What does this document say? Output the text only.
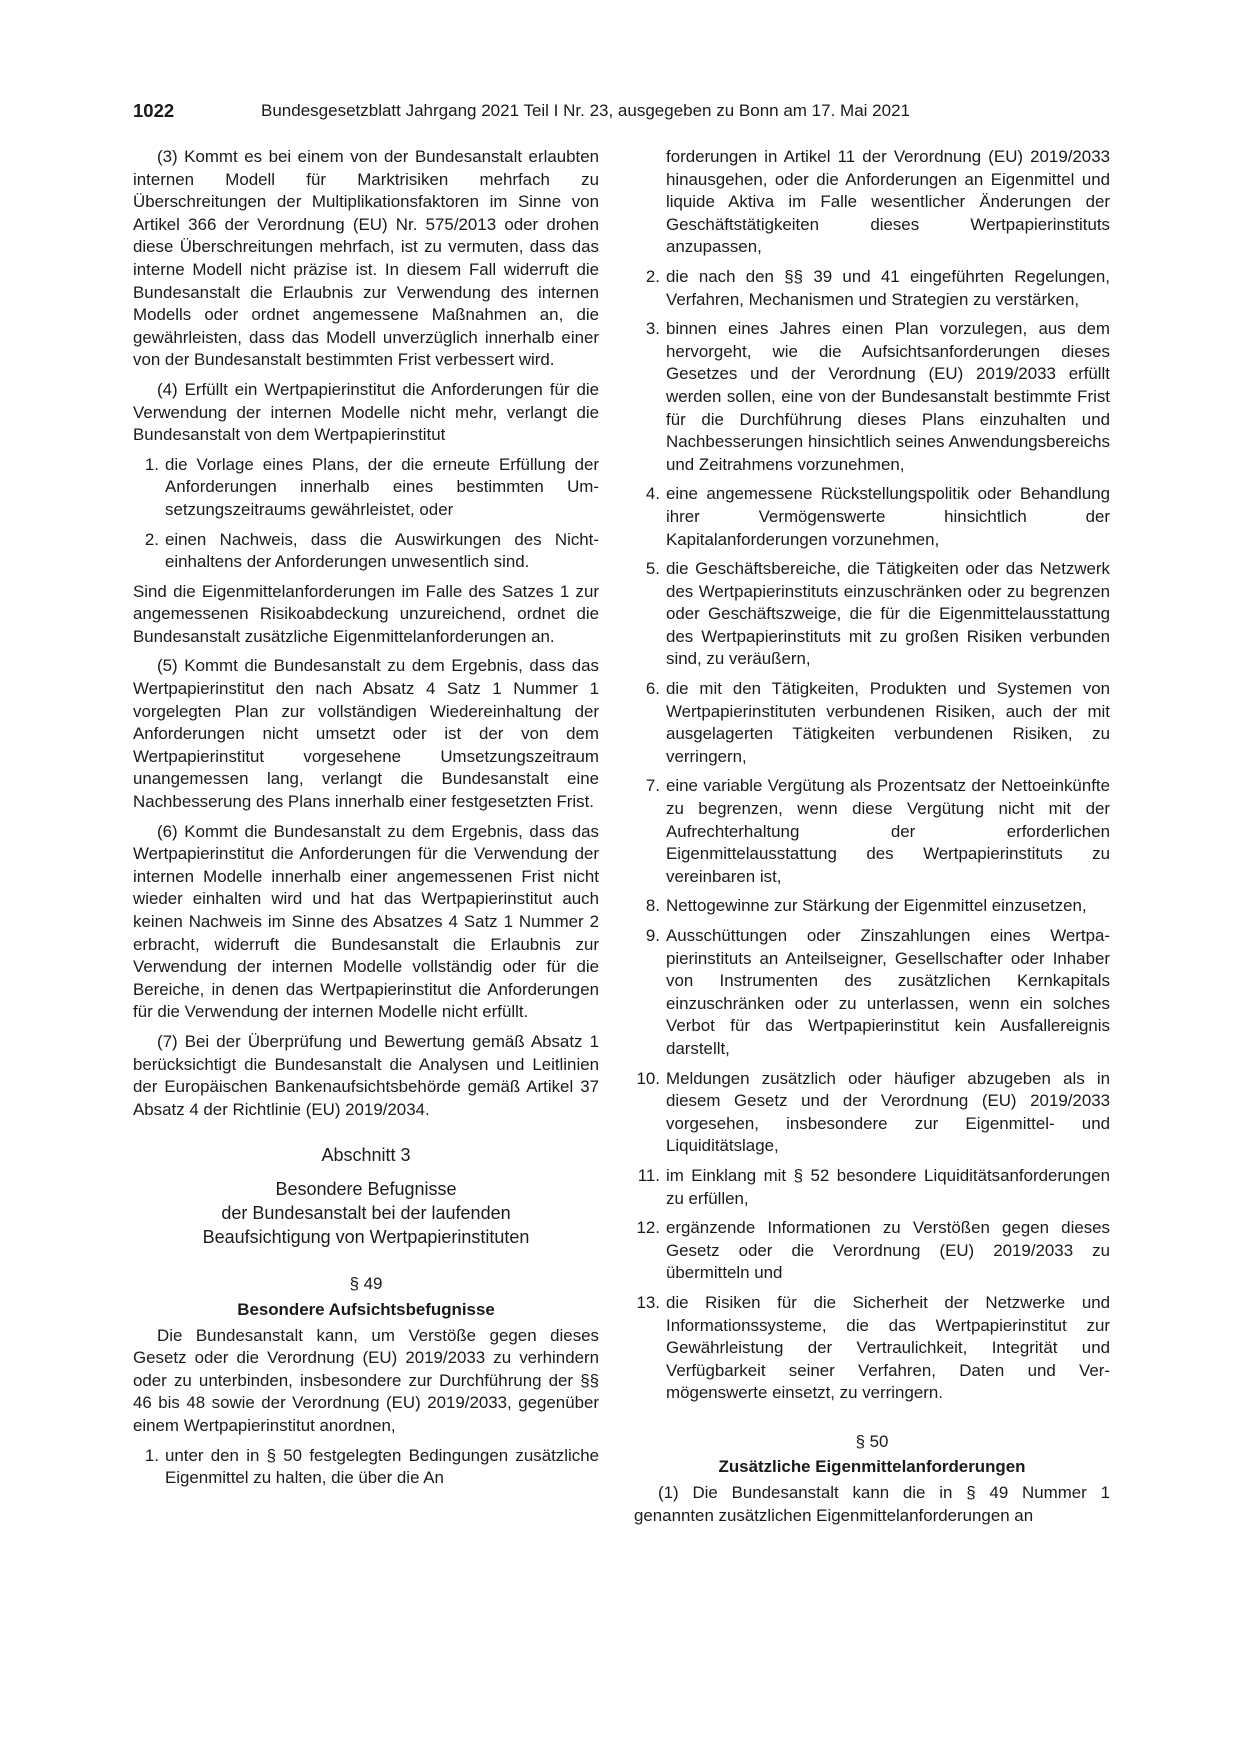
1022	Bundesgesetzblatt Jahrgang 2021 Teil I Nr. 23, ausgegeben zu Bonn am 17. Mai 2021

(3) Kommt es bei einem von der Bundesanstalt erlaubten internen Modell für Marktrisiken mehrfach zu Überschreitungen der Multiplikationsfaktoren im Sinne von Artikel 366 der Verordnung (EU) Nr. 575/2013 oder drohen diese Überschreitungen mehrfach, ist zu vermuten, dass das interne Modell nicht präzise ist. In diesem Fall widerruft die Bundesanstalt die Erlaubnis zur Verwendung des internen Modells oder ordnet angemessene Maßnahmen an, die gewährleisten, dass das Modell unverzüglich innerhalb einer von der Bundesanstalt bestimmten Frist verbessert wird.

(4) Erfüllt ein Wertpapierinstitut die Anforderungen für die Verwendung der internen Modelle nicht mehr, verlangt die Bundesanstalt von dem Wertpapierinstitut

1. die Vorlage eines Plans, der die erneute Erfüllung der Anforderungen innerhalb eines bestimmten Umsetzungszeitraums gewährleistet, oder
2. einen Nachweis, dass die Auswirkungen des Nichteinhaltens der Anforderungen unwesentlich sind.

Sind die Eigenmittelanforderungen im Falle des Satzes 1 zur angemessenen Risikoabdeckung unzureichend, ordnet die Bundesanstalt zusätzliche Eigenmittelanforderungen an.

(5) Kommt die Bundesanstalt zu dem Ergebnis, dass das Wertpapierinstitut den nach Absatz 4 Satz 1 Nummer 1 vorgelegten Plan zur vollständigen Wiedereinhaltung der Anforderungen nicht umsetzt oder ist der von dem Wertpapierinstitut vorgesehene Umsetzungszeitraum unangemessen lang, verlangt die Bundesanstalt eine Nachbesserung des Plans innerhalb einer festgesetzten Frist.

(6) Kommt die Bundesanstalt zu dem Ergebnis, dass das Wertpapierinstitut die Anforderungen für die Verwendung der internen Modelle innerhalb einer angemessenen Frist nicht wieder einhalten wird und hat das Wertpapierinstitut auch keinen Nachweis im Sinne des Absatzes 4 Satz 1 Nummer 2 erbracht, widerruft die Bundesanstalt die Erlaubnis zur Verwendung der internen Modelle vollständig oder für die Bereiche, in denen das Wertpapierinstitut die Anforderungen für die Verwendung der internen Modelle nicht erfüllt.

(7) Bei der Überprüfung und Bewertung gemäß Absatz 1 berücksichtigt die Bundesanstalt die Analysen und Leitlinien der Europäischen Bankenaufsichtsbehörde gemäß Artikel 37 Absatz 4 der Richtlinie (EU) 2019/2034.

Abschnitt 3
Besondere Befugnisse
der Bundesanstalt bei der laufenden
Beaufsichtigung von Wertpapierinstituten
§ 49
Besondere Aufsichtsbefugnisse

Die Bundesanstalt kann, um Verstöße gegen dieses Gesetz oder die Verordnung (EU) 2019/2033 zu verhindern oder zu unterbinden, insbesondere zur Durchführung der §§ 46 bis 48 sowie der Verordnung (EU) 2019/2033, gegenüber einem Wertpapierinstitut anordnen,

1. unter den in § 50 festgelegten Bedingungen zusätzliche Eigenmittel zu halten, die über die An

forderungen in Artikel 11 der Verordnung (EU) 2019/2033 hinausgehen, oder die Anforderungen an Eigenmittel und liquide Aktiva im Falle wesentlicher Änderungen der Geschäftstätigkeiten dieses Wertpapierinstituts anzupassen,

2. die nach den §§ 39 und 41 eingeführten Regelungen, Verfahren, Mechanismen und Strategien zu verstärken,
3. binnen eines Jahres einen Plan vorzulegen, aus dem hervorgeht, wie die Aufsichtsanforderungen dieses Gesetzes und der Verordnung (EU) 2019/2033 erfüllt werden sollen, eine von der Bundesanstalt bestimmte Frist für die Durchführung dieses Plans einzuhalten und Nachbesserungen hinsichtlich seines Anwendungsbereichs und Zeitrahmens vorzunehmen,
4. eine angemessene Rückstellungspolitik oder Behandlung ihrer Vermögenswerte hinsichtlich der Kapitalanforderungen vorzunehmen,
5. die Geschäftsbereiche, die Tätigkeiten oder das Netzwerk des Wertpapierinstituts einzuschränken oder zu begrenzen oder Geschäftszweige, die für die Eigenmittelausstattung des Wertpapierinstituts mit zu großen Risiken verbunden sind, zu veräußern,
6. die mit den Tätigkeiten, Produkten und Systemen von Wertpapierinstituten verbundenen Risiken, auch der mit ausgelagerten Tätigkeiten verbundenen Risiken, zu verringern,
7. eine variable Vergütung als Prozentsatz der Nettoeinkünfte zu begrenzen, wenn diese Vergütung nicht mit der Aufrechterhaltung der erforderlichen Eigenmittelausstattung des Wertpapierinstituts zu vereinbaren ist,
8. Nettogewinne zur Stärkung der Eigenmittel einzusetzen,
9. Ausschüttungen oder Zinszahlungen eines Wertpapierinstituts an Anteilseigner, Gesellschafter oder Inhaber von Instrumenten des zusätzlichen Kernkapitals einzuschränken oder zu unterlassen, wenn ein solches Verbot für das Wertpapierinstitut kein Ausfallereignis darstellt,
10. Meldungen zusätzlich oder häufiger abzugeben als in diesem Gesetz und der Verordnung (EU) 2019/2033 vorgesehen, insbesondere zur Eigenmittel- und Liquiditätslage,
11. im Einklang mit § 52 besondere Liquiditätsanforderungen zu erfüllen,
12. ergänzende Informationen zu Verstößen gegen dieses Gesetz oder die Verordnung (EU) 2019/2033 zu übermitteln und
13. die Risiken für die Sicherheit der Netzwerke und Informationssysteme, die das Wertpapierinstitut zur Gewährleistung der Vertraulichkeit, Integrität und Verfügbarkeit seiner Verfahren, Daten und Vermögenswerte einsetzt, zu verringern.
§ 50
Zusätzliche Eigenmittelanforderungen

(1) Die Bundesanstalt kann die in § 49 Nummer 1 genannten zusätzlichen Eigenmittelanforderungen an
